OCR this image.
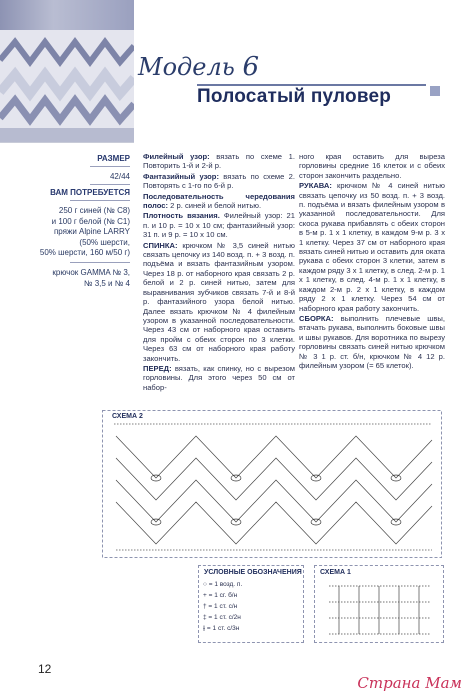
Модель 6
Полосатый пуловер
РАЗМЕР
42/44
ВАМ ПОТРЕБУЕТСЯ
250 г синей (№ C8)
и 100 г белой (№ C1)
пряжи Alpine LARRY
(50% шерсти,
50% шерсти, 160 м/50 г)
крючок GAMMA № 3,
№ 3,5 и № 4

Филейный узор: вязать по схеме 1. Повторить 1-й и 2-й р.

Фантазийный узор: вязать по схеме 2. Повторять с 1-го по 6-й р.

Последовательность чередования полос: 2 р. синей и белой нитью.

Плотность вязания. Филейный узор: 21 п. и 10 р. = 10 х 10 см; фантазийный узор: 31 п. и 9 р. = 10 х 10 см.

СПИНКА: крючком № 3,5 синей нитью связать цепочку из 140 возд. п. + 3 возд. п. подъёма и вязать фантазийным узором. Через 18 р. от наборного края связать 2 р. белой и 2 р. синей нитью, затем для выравнивания зубчиков связать 7-й и 8-й р. фантазийного узора белой нитью. Далее вязать крючком № 4 филейным узором в указанной последовательности. Через 43 см от наборного края оставить для пройм с обеих сторон по 3 клетки. Через 63 см от наборного края работу закончить.

ПЕРЕД: вязать, как спинку, но с вырезом горловины. Для этого через 50 см от набор-

ного края оставить для выреза горловины средние 16 клеток и с обеих сторон закончить раздельно.

РУКАВА: крючком № 4 синей нитью связать цепочку из 50 возд. п. + 3 возд. п. подъёма и вязать филейным узором в указанной последовательности. Для скоса рукава прибавлять с обеих сторон в 5-м р. 1 х 1 клетку, в каждом 9-м р. 3 х 1 клетку. Через 37 см от наборного края вязать синей нитью и оставить для оката рукава с обеих сторон 3 клетки, затем в каждом ряду 3 х 1 клетку, в след. 2-м р. 1 х 1 клетку, в след. 4-м р. 1 х 1 клетку, в каждом 2-м р. 2 х 1 клетку, в каждом ряду 2 х 1 клетку. Через 54 см от наборного края работу закончить.

СБОРКА: выполнить плечевые швы, втачать рукава, выполнить боковые швы и швы рукавов. Для воротника по вырезу горловины связать синей нитью крючком № 3 1 р. ст. б/н, крючком № 4 12 р. филейным узором (= 65 клеток).

СХЕМА 2
УСЛОВНЫЕ ОБОЗНАЧЕНИЯ
○ = 1 возд. п.
+ = 1 сг. б/н
† = 1 ст. с/н
‡ = 1 ст. с/2н
⫲ = 1 ст. с/3н
СХЕМА 1
12
Страна Мам
